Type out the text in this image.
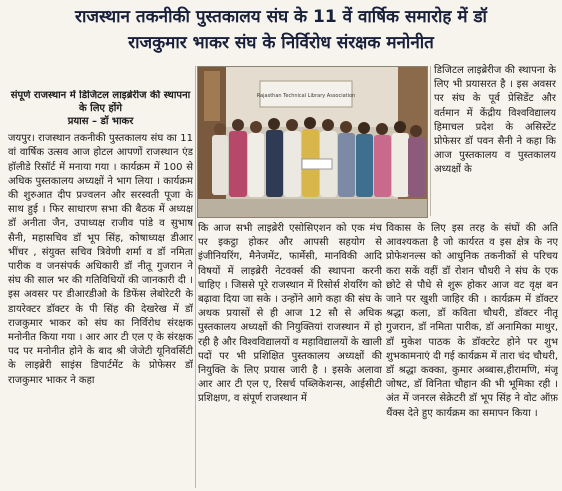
राजस्थान तकनीकी पुस्तकालय संघ के 11 वें वार्षिक समारोह में डॉ
राजकुमार भाकर संघ के निर्विरोध संरक्षक मनोनीत
संपूर्ण राजस्थान में डिजिटल लाइब्रेरीज की स्थापना के लिए होंगे
प्रयास – डॉ भाकर

जयपुर। राजस्थान तकनीकी पुस्तकालय संघ का 11 वां वार्षिक उत्सव आज होटल आपणों राजस्थान एंड हॉलीडे रिसॉर्ट में मनाया गया । कार्यक्रम में 100 से अधिक पुस्तकालय अध्यक्षों ने भाग लिया । कार्यक्रम की शुरुआत दीप प्रज्वलन और सरस्वती पूजा के साथ हुई । फिर साधारण सभा की बैठक में अध्यक्ष डॉ अनीता जैन, उपाध्यक्ष राजीव पांडे व सुभाष सैनी, महासचिव डॉ भूप सिंह, कोषाध्यक्ष डीआर भींचर , संयुक्त सचिव त्रिवेणी शर्मा व डॉ नमिता पारीक व जनसंपर्क अधिकारी डॉ नीतू गुजरान ने संघ की साल भर की गतिविधियों की जानकारी दी । इस अवसर पर डीआरडीओ के डिफेंस लेबोरेटरी के डायरेक्टर डॉक्टर के पी सिंह की देखरेख में डॉ राजकुमार भाकर को संघ का निर्विरोध संरक्षक मनोनीत किया गया । आर आर टी एल ए के संरक्षक पद पर मनोनीत होने के बाद श्री जेजेटी यूनिवर्सिटी के लाइब्रेरी साइंस डिपार्टमेंट के प्रोफेसर डॉ राजकुमार भाकर ने कहा

Rajasthan Technical Library Association

डिजिटल लाइब्रेरीज की स्थापना के लिए भी प्रयासरत है । इस अवसर पर संघ के पूर्व प्रेसिडेंट और वर्तमान में केंद्रीय विश्वविद्यालय हिमाचल प्रदेश के असिस्टेंट प्रोफेसर डॉ पवन सैनी ने कहा कि आज पुस्तकालय व पुस्तकालय अध्यक्षों के

कि आज सभी लाइब्रेरी एसोसिएशन को एक मंच पर इकट्ठा होकर और आपसी सहयोग से इंजीनियरिंग, मैनेजमेंट, फार्मेसी, मानविकी आदि विषयों में लाइब्रेरी नेटवर्क्स की स्थापना करनी चाहिए । जिससे पूरे राजस्थान में रिसोर्स शेयरिंग को बढ़ावा दिया जा सके । उन्होंने आगे कहा की संघ के अथक प्रयासों से ही आज 12 सौ से अधिक पुस्तकालय अध्यक्षों की नियुक्तियां राजस्थान में हो रही है और विश्वविद्यालयों व महाविद्यालयों के खाली पदों पर भी प्रशिक्षित पुस्तकालय अध्यक्षों की नियुक्ति के लिए प्रयास जारी है । इसके अलावा आर आर टी एल ए, रिसर्च पब्लिकेशन्स, आईसीटी प्रशिक्षण, व संपूर्ण राजस्थान में

विकास के लिए इस तरह के संघों की अति आवश्यकता है जो कार्यरत व इस क्षेत्र के नए प्रोफेशनल्स को आधुनिक तकनीकों से परिचय करा सकें वहीं डॉ रोशन चौधरी ने संघ के एक छोटे से पौधे से शुरू होकर आज वट वृक्ष बन जाने पर खुशी जाहिर की । कार्यक्रम में डॉक्टर श्रद्धा कला, डॉ कविता चौधरी, डॉक्टर नीतू गुजरान, डॉ नमिता पारीक, डॉ अनामिका माथुर, डॉ मुकेश पाठक के डॉक्टरेट होने पर शुभ शुभकामनाएं दी गई कार्यक्रम में तारा चंद चौधरी, डॉ श्रद्धा कक्का, कुमार अब्बास,हीरामणि, मंजू जोषट, डॉ विनिता चौहान की भी भूमिका रही । अंत में जनरल सेक्रेटरी डॉ भूप सिंह ने वोट ऑफ़ थैंक्स देते हुए कार्यक्रम का समापन किया ।
